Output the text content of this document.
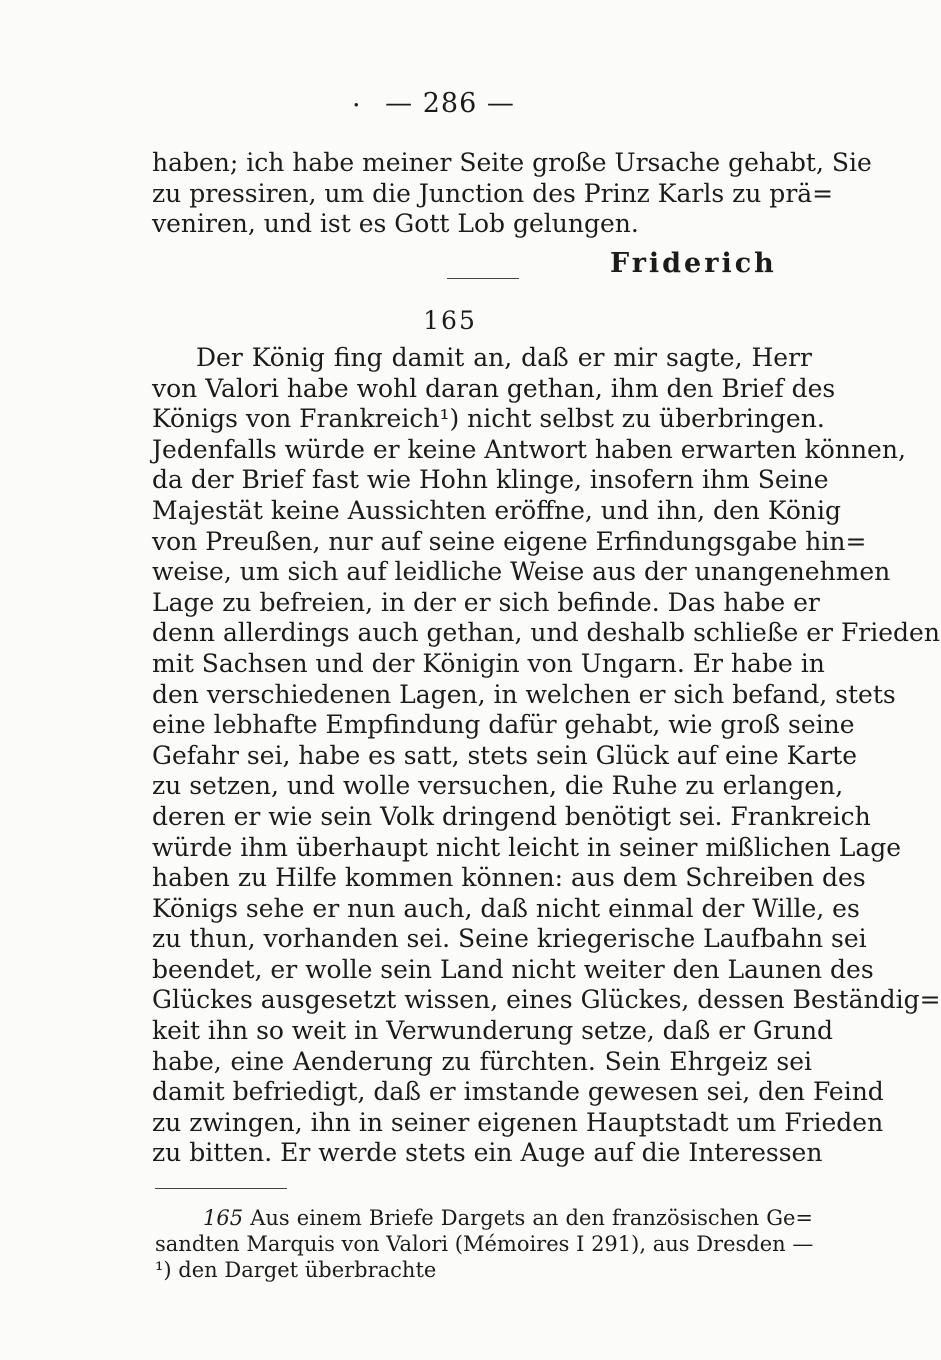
· — 286 —
haben; ich habe meiner Seite große Ursache gehabt, Sie
zu pressiren, um die Junction des Prinz Karls zu prä=
veniren, und ist es Gott Lob gelungen.
Friderich
165
Der König fing damit an, daß er mir sagte, Herr
von Valori habe wohl daran gethan, ihm den Brief des
Königs von Frankreich¹) nicht selbst zu überbringen.
Jedenfalls würde er keine Antwort haben erwarten können,
da der Brief fast wie Hohn klinge, insofern ihm Seine
Majestät keine Aussichten eröffne, und ihn, den König
von Preußen, nur auf seine eigene Erfindungsgabe hin=
weise, um sich auf leidliche Weise aus der unangenehmen
Lage zu befreien, in der er sich befinde. Das habe er
denn allerdings auch gethan, und deshalb schließe er Frieden
mit Sachsen und der Königin von Ungarn. Er habe in
den verschiedenen Lagen, in welchen er sich befand, stets
eine lebhafte Empfindung dafür gehabt, wie groß seine
Gefahr sei, habe es satt, stets sein Glück auf eine Karte
zu setzen, und wolle versuchen, die Ruhe zu erlangen,
deren er wie sein Volk dringend benötigt sei. Frankreich
würde ihm überhaupt nicht leicht in seiner mißlichen Lage
haben zu Hilfe kommen können: aus dem Schreiben des
Königs sehe er nun auch, daß nicht einmal der Wille, es
zu thun, vorhanden sei. Seine kriegerische Laufbahn sei
beendet, er wolle sein Land nicht weiter den Launen des
Glückes ausgesetzt wissen, eines Glückes, dessen Beständig=
keit ihn so weit in Verwunderung setze, daß er Grund
habe, eine Aenderung zu fürchten. Sein Ehrgeiz sei
damit befriedigt, daß er imstande gewesen sei, den Feind
zu zwingen, ihn in seiner eigenen Hauptstadt um Frieden
zu bitten. Er werde stets ein Auge auf die Interessen
165 Aus einem Briefe Dargets an den französischen Ge=
sandten Marquis von Valori (Mémoires I 291), aus Dresden —
¹) den Darget überbrachte
